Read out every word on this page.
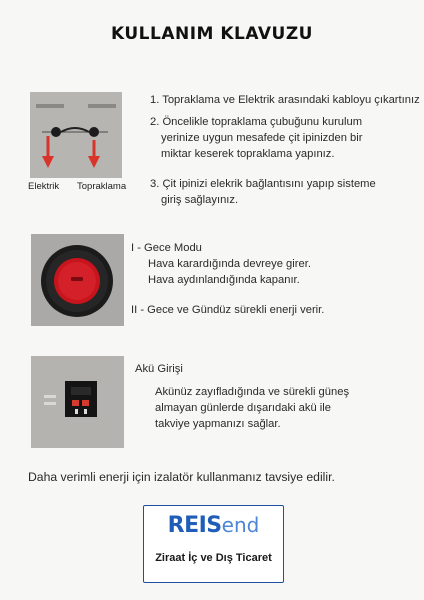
KULLANIM KLAVUZU
Elektrik Topraklama
1. Topraklama ve Elektrik arasındaki kabloyu çıkartınız
2. Öncelikle topraklama çubuğunu kurulum
yerinize uygun mesafede çit ipinizden bir
miktar keserek topraklama yapınız.
3. Çit ipinizi elekrik bağlantısını yapıp sisteme
giriş sağlayınız.
I - Gece Modu
Hava karardığında devreye girer.
Hava aydınlandığında kapanır.
II - Gece ve Gündüz sürekli enerji verir.
Akü Girişi
Akünüz zayıfladığında ve sürekli güneş
almayan günlerde dışarıdaki akü ile
takviye yapmanızı sağlar.
Daha verimli enerji için izalatör kullanmanız tavsiye edilir.
REISend
Ziraat İç ve Dış Ticaret
